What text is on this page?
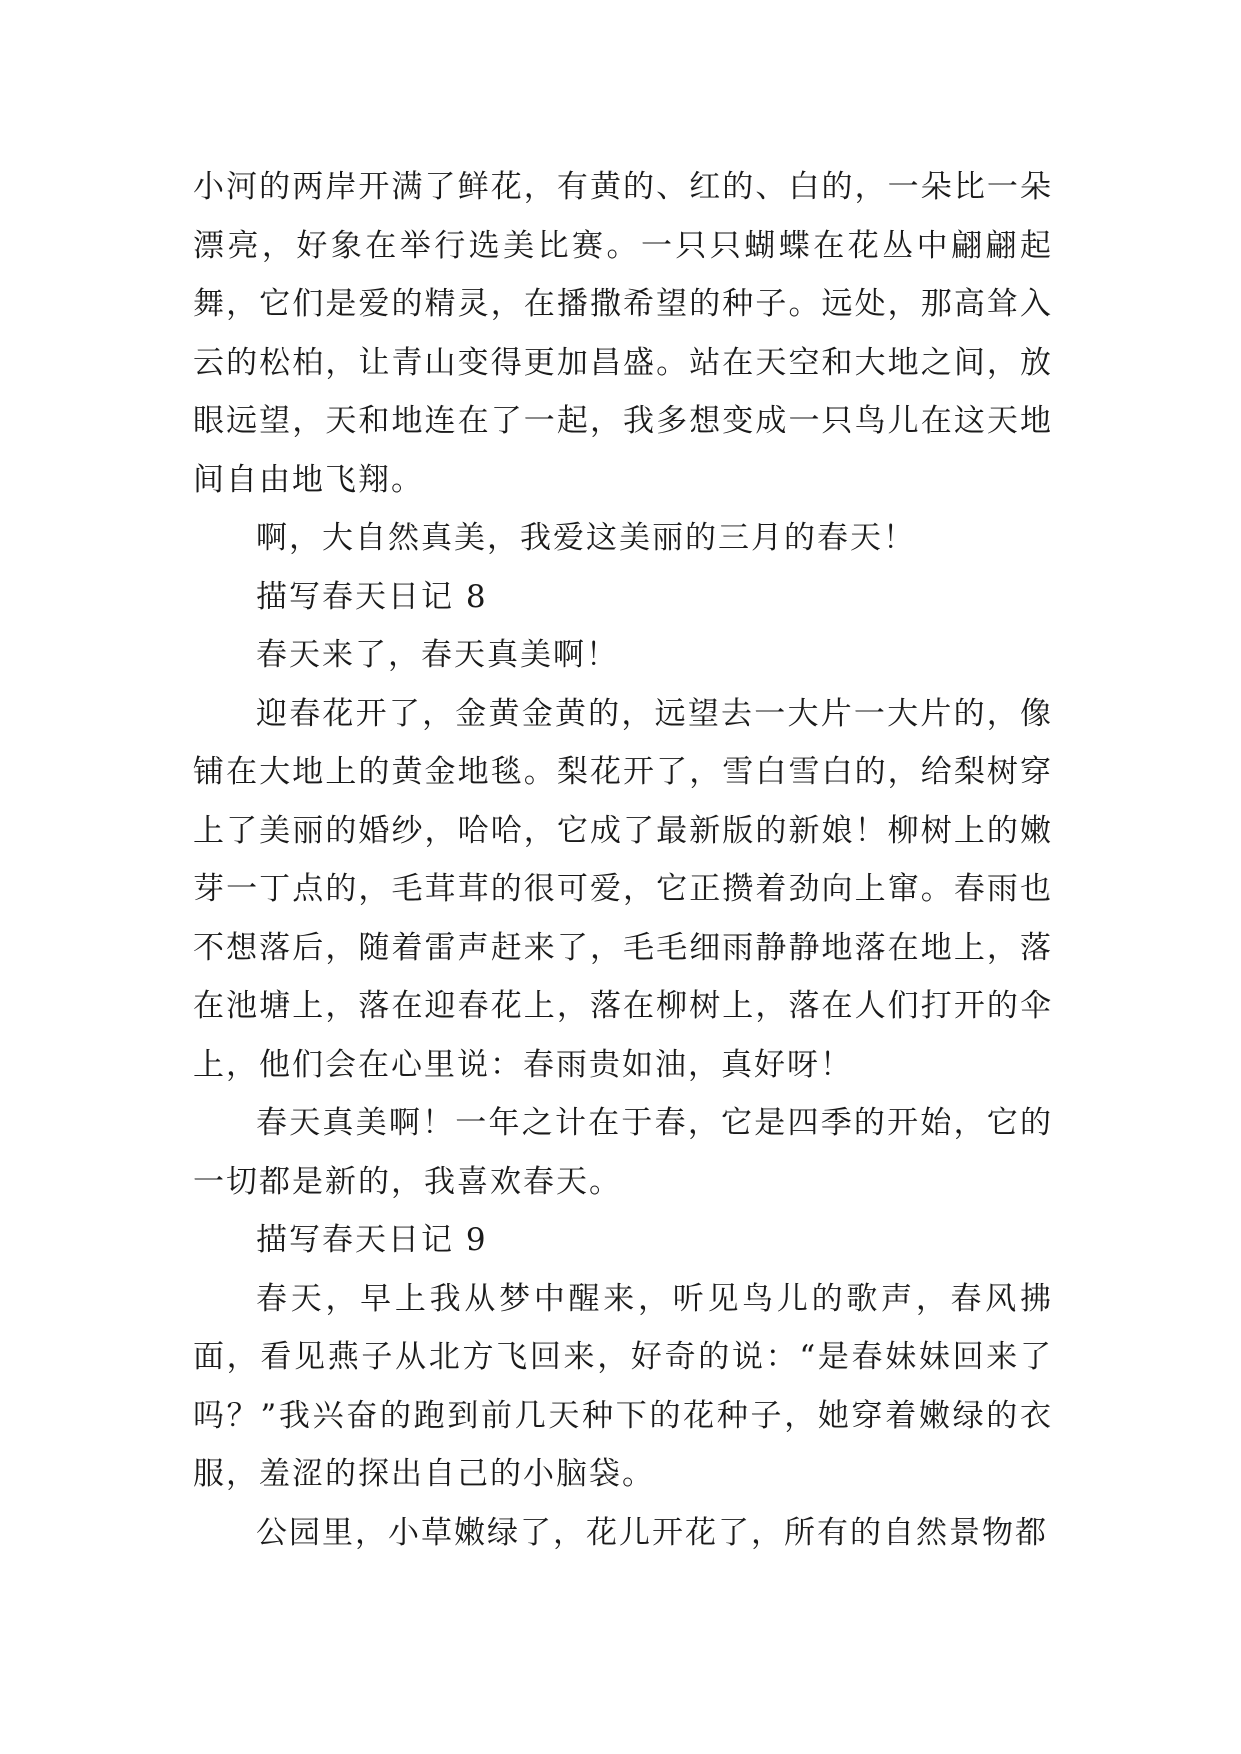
小河的两岸开满了鲜花，有黄的、红的、白的，一朵比一朵漂亮，好象在举行选美比赛。一只只蝴蝶在花丛中翩翩起舞，它们是爱的精灵，在播撒希望的种子。远处，那高耸入云的松柏，让青山变得更加昌盛。站在天空和大地之间，放眼远望，天和地连在了一起，我多想变成一只鸟儿在这天地间自由地飞翔。

啊，大自然真美，我爱这美丽的三月的春天！

描写春天日记 8

春天来了，春天真美啊！

迎春花开了，金黄金黄的，远望去一大片一大片的，像铺在大地上的黄金地毯。梨花开了，雪白雪白的，给梨树穿上了美丽的婚纱，哈哈，它成了最新版的新娘！柳树上的嫩芽一丁点的，毛茸茸的很可爱，它正攒着劲向上窜。春雨也不想落后，随着雷声赶来了，毛毛细雨静静地落在地上，落在池塘上，落在迎春花上，落在柳树上，落在人们打开的伞上，他们会在心里说：春雨贵如油，真好呀！

春天真美啊！一年之计在于春，它是四季的开始，它的一切都是新的，我喜欢春天。

描写春天日记 9

春天，早上我从梦中醒来，听见鸟儿的歌声，春风拂面，看见燕子从北方飞回来，好奇的说：“是春妹妹回来了吗？”我兴奋的跑到前几天种下的花种子，她穿着嫩绿的衣服，羞涩的探出自己的小脑袋。

公园里，小草嫩绿了，花儿开花了，所有的自然景物都
